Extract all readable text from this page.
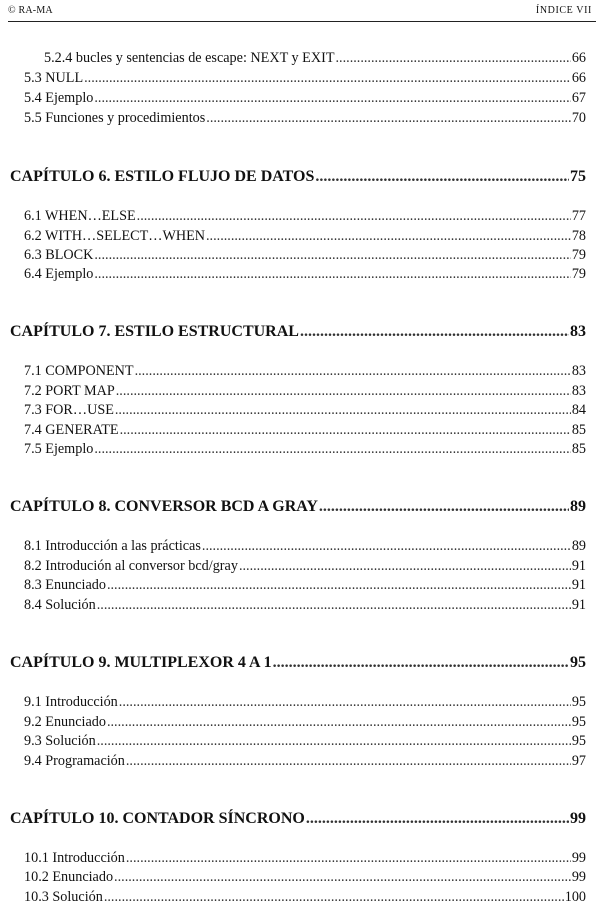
© RA-MA	ÍNDICE VII
5.2.4 bucles y sentencias de escape: NEXT y EXIT .....	66
5.3 NULL .....	66
5.4 Ejemplo .....	67
5.5 Funciones y procedimientos .....	70
CAPÍTULO 6. ESTILO FLUJO DE DATOS .....	75
6.1 WHEN…ELSE .....	77
6.2 WITH…SELECT…WHEN .....	78
6.3 BLOCK .....	79
6.4 Ejemplo .....	79
CAPÍTULO 7. ESTILO ESTRUCTURAL .....	83
7.1 COMPONENT .....	83
7.2 PORT MAP .....	83
7.3 FOR…USE .....	84
7.4 GENERATE .....	85
7.5 Ejemplo .....	85
CAPÍTULO 8. CONVERSOR BCD A GRAY .....	89
8.1 Introducción a las prácticas .....	89
8.2 Introdución al conversor bcd/gray .....	91
8.3 Enunciado .....	91
8.4 Solución .....	91
CAPÍTULO 9. MULTIPLEXOR 4 A 1 .....	95
9.1 Introducción .....	95
9.2 Enunciado .....	95
9.3 Solución .....	95
9.4 Programación .....	97
CAPÍTULO 10. CONTADOR SÍNCRONO .....	99
10.1 Introducción .....	99
10.2 Enunciado .....	99
10.3 Solución .....	100
